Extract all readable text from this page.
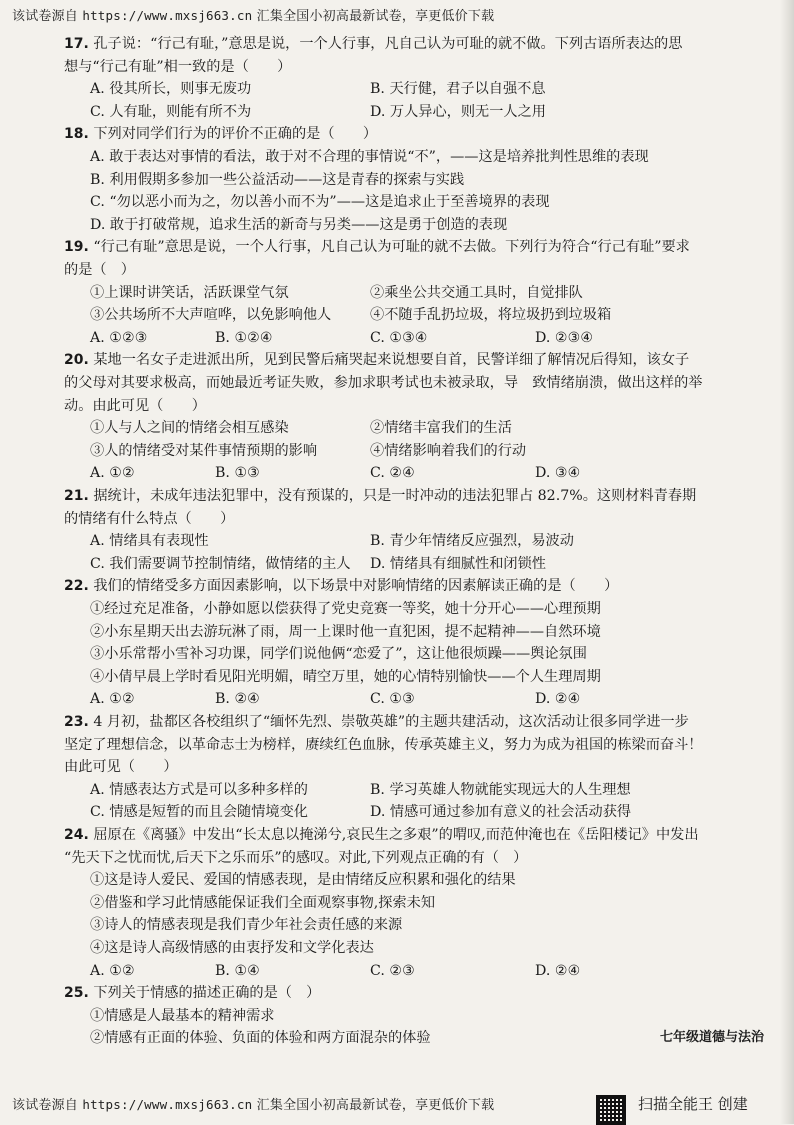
该试卷源自 https://www.mxsj663.cn 汇集全国小初高最新试卷，享更低价下载
17. 孔子说：“行己有耻，”意思是说，一个人行事，凡自己认为可耻的就不做。下列古语所表达的思
想与“行己有耻”相一致的是（　　）
A. 役其所长，则事无废功	B. 天行健，君子以自强不息
C. 人有耻，则能有所不为	D. 万人异心，则无一人之用
18. 下列对同学们行为的评价不正确的是（　　）
A. 敢于表达对事情的看法，敢于对不合理的事情说“不”，——这是培养批判性思维的表现
B. 利用假期多参加一些公益活动——这是青春的探索与实践
C. “勿以恶小而为之，勿以善小而不为”——这是追求止于至善境界的表现
D. 敢于打破常规，追求生活的新奇与另类——这是勇于创造的表现
19. “行己有耻”意思是说，一个人行事，凡自己认为可耻的就不去做。下列行为符合“行己有耻”要求
的是（　）
①上课时讲笑话，活跃课堂气氛	②乘坐公共交通工具时，自觉排队
③公共场所不大声喧哗，以免影响他人	④不随手乱扔垃圾，将垃圾扔到垃圾箱
A. ①②③	B. ①②④	C. ①③④	D. ②③④
20. 某地一名女子走进派出所，见到民警后痛哭起来说想要自首，民警详细了解情况后得知，该女子
的父母对其要求极高，而她最近考证失败，参加求职考试也未被录取，导　致情绪崩溃，做出这样的举
动。由此可见（　　）
①人与人之间的情绪会相互感染	②情绪丰富我们的生活
③人的情绪受对某件事情预期的影响	④情绪影响着我们的行动
A. ①②	B. ①③	C. ②④	D. ③④
21. 据统计，未成年违法犯罪中，没有预谋的，只是一时冲动的违法犯罪占 82.7%。这则材料青春期
的情绪有什么特点（　　）
A. 情绪具有表现性	B. 青少年情绪反应强烈，易波动
C. 我们需要调节控制情绪，做情绪的主人 D. 情绪具有细腻性和闭锁性
22. 我们的情绪受多方面因素影响，以下场景中对影响情绪的因素解读正确的是（　　）
①经过充足准备，小静如愿以偿获得了党史竞赛一等奖，她十分开心——心理预期
②小东星期天出去游玩淋了雨，周一上课时他一直犯困，提不起精神——自然环境
③小乐常帮小雪补习功课，同学们说他俩“恋爱了”，这让他很烦躁——舆论氛围
④小倩早晨上学时看见阳光明媚，晴空万里，她的心情特别愉快——个人生理周期
A. ①②	B. ②④	C. ①③	D. ②④
23. 4 月初，盐都区各校组织了“缅怀先烈、崇敬英雄”的主题共建活动，这次活动让很多同学进一步
坚定了理想信念，以革命志士为榜样，赓续红色血脉，传承英雄主义，努力为成为祖国的栋梁而奋斗！
由此可见（　　）
A. 情感表达方式是可以多种多样的	B. 学习英雄人物就能实现远大的人生理想
C. 情感是短暂的而且会随情境变化	D. 情感可通过参加有意义的社会活动获得
24. 屈原在《离骚》中发出“长太息以掩涕兮,哀民生之多艰”的喟叹,而范仲淹也在《岳阳楼记》中发出
“先天下之忧而忧,后天下之乐而乐”的感叹。对此,下列观点正确的有（　）
①这是诗人爱民、爱国的情感表现，是由情绪反应积累和强化的结果
②借鉴和学习此情感能保证我们全面观察事物,探索未知
③诗人的情感表现是我们青少年社会责任感的来源
④这是诗人高级情感的由衷抒发和文学化表达
A. ①②	B. ①④	C. ②③	D. ②④
25. 下列关于情感的描述正确的是（　）
①情感是人最基本的精神需求
②情感有正面的体验、负面的体验和两方面混杂的体验	七年级道德与法治
该试卷源自 https://www.mxsj663.cn 汇集全国小初高最新试卷，享更低价下载	扫描全能王 创建
